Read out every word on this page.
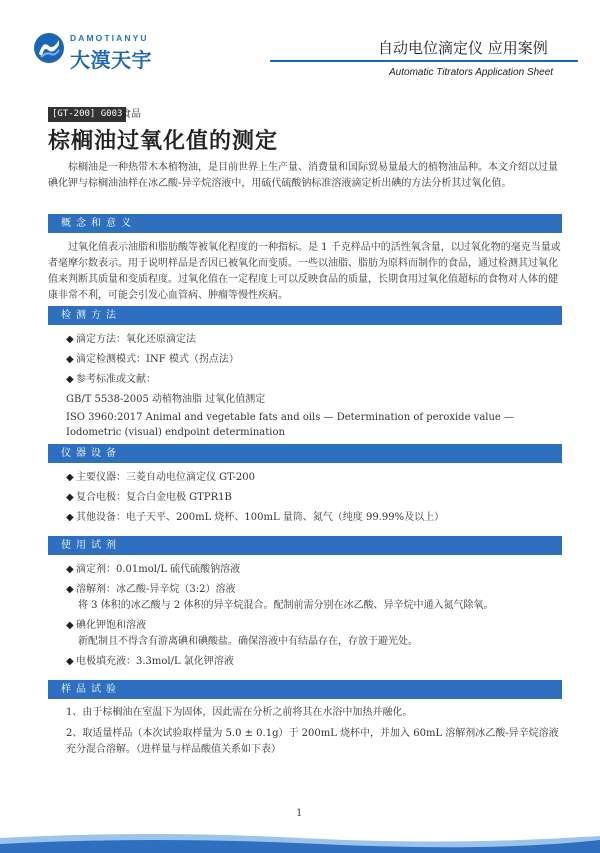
DAMOTIANYU
大漠天宇	自动电位滴定仪 应用案例
Automatic Titrators Application Sheet
[GT-200] G003
食品
棕榈油过氧化值的测定
棕榈油是一种热带木本植物油，是目前世界上生产量、消费量和国际贸易量最大的植物油品种。本文介绍以过量碘化钾与棕榈油油样在冰乙酸-异辛烷溶液中，用硫代硫酸钠标准溶液滴定析出碘的方法分析其过氧化值。
概念和意义
过氧化值表示油脂和脂肪酸等被氧化程度的一种指标。是 1 千克样品中的活性氧含量，以过氧化物的毫克当量或者毫摩尔数表示。用于说明样品是否因已被氧化而变质。一些以油脂、脂肪为原料而制作的食品，通过检测其过氧化值来判断其质量和变质程度。过氧化值在一定程度上可以反映食品的质量，长期食用过氧化值超标的食物对人体的健康非常不利，可能会引发心血管病、肿瘤等慢性疾病。
检测方法
◆ 滴定方法：氧化还原滴定法
◆ 滴定检测模式：INF 模式（拐点法）
◆ 参考标准或文献：
GB/T 5538-2005 动植物油脂 过氧化值测定
ISO 3960:2017 Animal and vegetable fats and oils — Determination of peroxide value — Iodometric (visual) endpoint determination
仪器设备
◆ 主要仪器：三菱自动电位滴定仪 GT-200
◆ 复合电极：复合白金电极 GTPR1B
◆ 其他设备：电子天平、200mL 烧杯、100mL 量筒、氮气（纯度 99.99%及以上）
使用试剂
◆ 滴定剂：0.01mol/L 硫代硫酸钠溶液
◆ 溶解剂：冰乙酸-异辛烷（3:2）溶液
将 3 体积的冰乙酸与 2 体积的异辛烷混合。配制前需分别在冰乙酸、异辛烷中通入氮气除氧。
◆ 碘化钾饱和溶液
新配制且不得含有游离碘和碘酸盐。确保溶液中有结晶存在，存放于避光处。
◆ 电极填充液：3.3mol/L 氯化钾溶液
样品试验
1、由于棕榈油在室温下为固体，因此需在分析之前将其在水浴中加热并融化。
2、取适量样品（本次试验取样量为 5.0 ± 0.1g）于 200mL 烧杯中，并加入 60mL 溶解剂冰乙酸-异辛烷溶液充分混合溶解。（进样量与样品酸值关系如下表）
1
